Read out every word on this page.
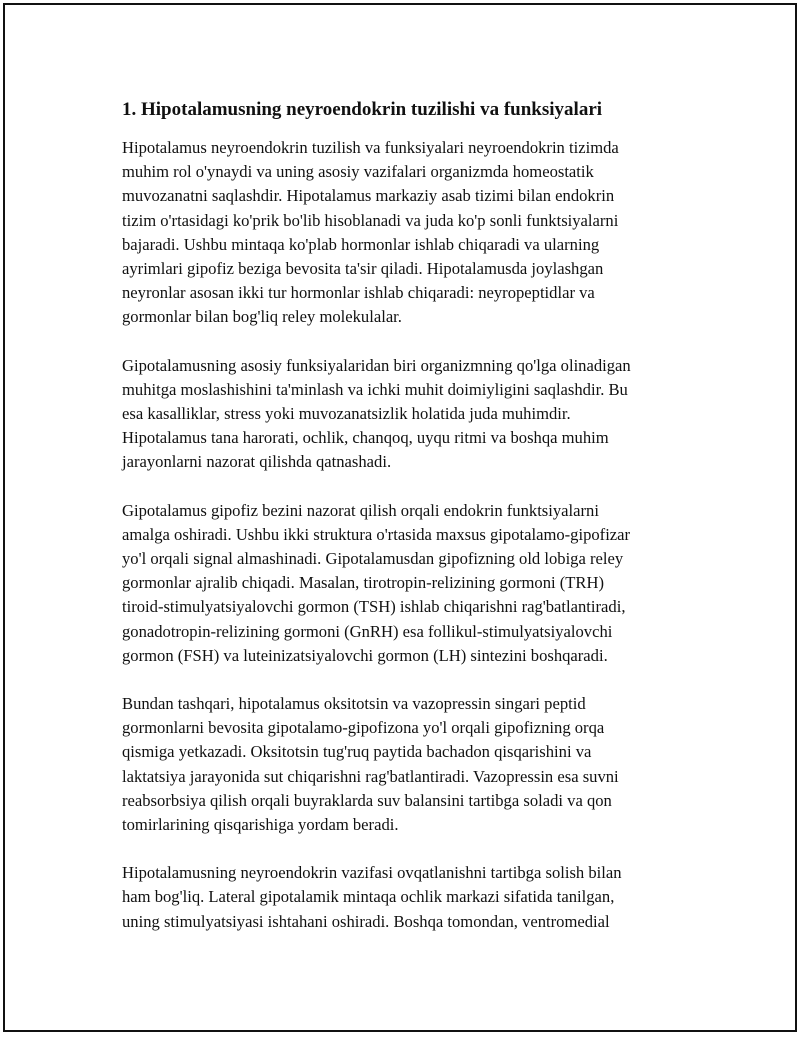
1. Hipotalamusning neyroendokrin tuzilishi va funksiyalari

Hipotalamus neyroendokrin tuzilish va funksiyalari neyroendokrin tizimda
muhim rol o'ynaydi va uning asosiy vazifalari organizmda homeostatik
muvozanatni saqlashdir. Hipotalamus markaziy asab tizimi bilan endokrin
tizim o'rtasidagi ko'prik bo'lib hisoblanadi va juda ko'p sonli funktsiyalarni
bajaradi. Ushbu mintaqa ko'plab hormonlar ishlab chiqaradi va ularning
ayrimlari gipofiz beziga bevosita ta'sir qiladi. Hipotalamusda joylashgan
neyronlar asosan ikki tur hormonlar ishlab chiqaradi: neyropeptidlar va
gormonlar bilan bog'liq reley molekulalar.

Gipotalamusning asosiy funksiyalaridan biri organizmning qo'lga olinadigan
muhitga moslashishini ta'minlash va ichki muhit doimiyligini saqlashdir. Bu
esa kasalliklar, stress yoki muvozanatsizlik holatida juda muhimdir.
Hipotalamus tana harorati, ochlik, chanqoq, uyqu ritmi va boshqa muhim
jarayonlarni nazorat qilishda qatnashadi.

Gipotalamus gipofiz bezini nazorat qilish orqali endokrin funktsiyalarni
amalga oshiradi. Ushbu ikki struktura o'rtasida maxsus gipotalamo-gipofizar
yo'l orqali signal almashinadi. Gipotalamusdan gipofizning old lobiga reley
gormonlar ajralib chiqadi. Masalan, tirotropin-relizining gormoni (TRH)
tiroid-stimulyatsiyalovchi gormon (TSH) ishlab chiqarishni rag'batlantiradi,
gonadotropin-relizining gormoni (GnRH) esa follikul-stimulyatsiyalovchi
gormon (FSH) va luteinizatsiyalovchi gormon (LH) sintezini boshqaradi.

Bundan tashqari, hipotalamus oksitotsin va vazopressin singari peptid
gormonlarni bevosita gipotalamo-gipofizona yo'l orqali gipofizning orqa
qismiga yetkazadi. Oksitotsin tug'ruq paytida bachadon qisqarishini va
laktatsiya jarayonida sut chiqarishni rag'batlantiradi. Vazopressin esa suvni
reabsorbsiya qilish orqali buyraklarda suv balansini tartibga soladi va qon
tomirlarining qisqarishiga yordam beradi.

Hipotalamusning neyroendokrin vazifasi ovqatlanishni tartibga solish bilan
ham bog'liq. Lateral gipotalamik mintaqa ochlik markazi sifatida tanilgan,
uning stimulyatsiyasi ishtahani oshiradi. Boshqa tomondan, ventromedial
